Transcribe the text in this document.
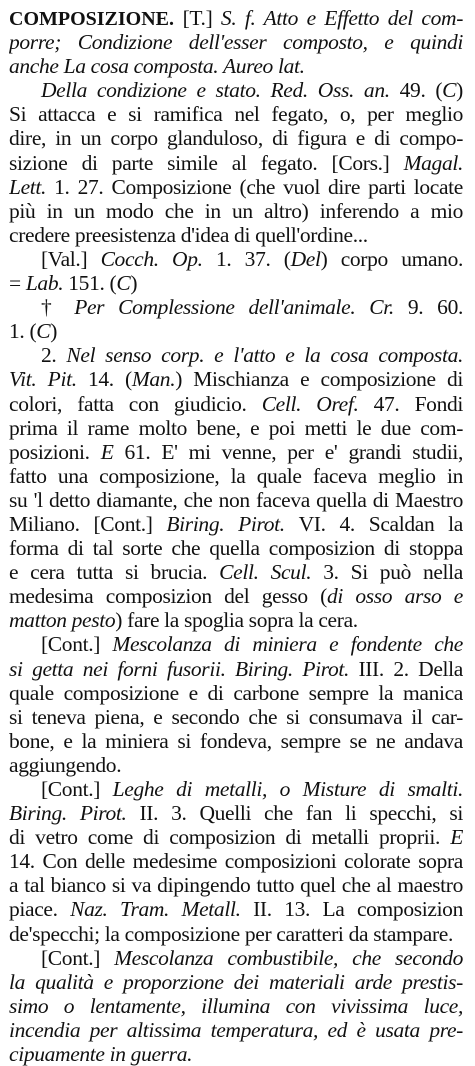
COMPOSIZIONE. [T.] S. f. Atto e Effetto del com-
porre; Condizione dell'esser composto, e quindi
anche La cosa composta. Aureo lat.
Della condizione e stato. Red. Oss. an. 49. (C)
Si attacca e si ramifica nel fegato, o, per meglio
dire, in un corpo glanduloso, di figura e di compo-
sizione di parte simile al fegato. [Cors.] Magal.
Lett. 1. 27. Composizione (che vuol dire parti locate
più in un modo che in un altro) inferendo a mio
credere preesistenza d'idea di quell'ordine...
[Val.] Cocch. Op. 1. 37. (Del) corpo umano.
= Lab. 151. (C)
† Per Complessione dell'animale. Cr. 9. 60.
1. (C)
2. Nel senso corp. e l'atto e la cosa composta.
Vit. Pit. 14. (Man.) Mischianza e composizione di
colori, fatta con giudicio. Cell. Oref. 47. Fondi
prima il rame molto bene, e poi metti le due com-
posizioni. E 61. E' mi venne, per e' grandi studii,
fatto una composizione, la quale faceva meglio in
su 'l detto diamante, che non faceva quella di Maestro
Miliano. [Cont.] Biring. Pirot. VI. 4. Scaldan la
forma di tal sorte che quella composizion di stoppa
e cera tutta si brucia. Cell. Scul. 3. Si può nella
medesima composizion del gesso (di osso arso e
matton pesto) fare la spoglia sopra la cera.
[Cont.] Mescolanza di miniera e fondente che
si getta nei forni fusorii. Biring. Pirot. III. 2. Della
quale composizione e di carbone sempre la manica
si teneva piena, e secondo che si consumava il car-
bone, e la miniera si fondeva, sempre se ne andava
aggiungendo.
[Cont.] Leghe di metalli, o Misture di smalti.
Biring. Pirot. II. 3. Quelli che fan li specchi, si
di vetro come di composizion di metalli proprii. E
14. Con delle medesime composizioni colorate sopra
a tal bianco si va dipingendo tutto quel che al maestro
piace. Naz. Tram. Metall. II. 13. La composizion
de'specchi; la composizione per caratteri da stampare.
[Cont.] Mescolanza combustibile, che secondo
la qualità e proporzione dei materiali arde prestis-
simo o lentamente, illumina con vivissima luce,
incendia per altissima temperatura, ed è usata pre-
cipuamente in guerra.
